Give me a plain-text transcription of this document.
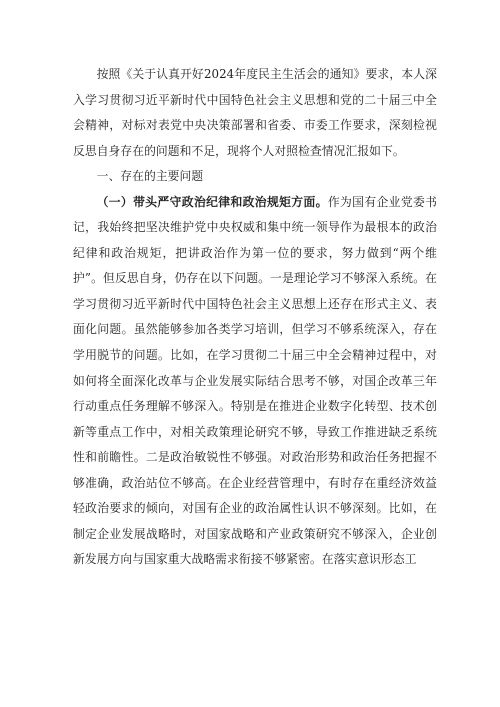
按照《关于认真开好2024年度民主生活会的通知》要求，本人深入学习贯彻习近平新时代中国特色社会主义思想和党的二十届三中全会精神，对标对表党中央决策部署和省委、市委工作要求，深刻检视反思自身存在的问题和不足，现将个人对照检查情况汇报如下。

一、存在的主要问题

（一）带头严守政治纪律和政治规矩方面。作为国有企业党委书记，我始终把坚决维护党中央权威和集中统一领导作为最根本的政治纪律和政治规矩，把讲政治作为第一位的要求，努力做到“两个维护”。但反思自身，仍存在以下问题。一是理论学习不够深入系统。在学习贯彻习近平新时代中国特色社会主义思想上还存在形式主义、表面化问题。虽然能够参加各类学习培训，但学习不够系统深入，存在学用脱节的问题。比如，在学习贯彻二十届三中全会精神过程中，对如何将全面深化改革与企业发展实际结合思考不够，对国企改革三年行动重点任务理解不够深入。特别是在推进企业数字化转型、技术创新等重点工作中，对相关政策理论研究不够，导致工作推进缺乏系统性和前瞻性。二是政治敏锐性不够强。对政治形势和政治任务把握不够准确，政治站位不够高。在企业经营管理中，有时存在重经济效益轻政治要求的倾向，对国有企业的政治属性认识不够深刻。比如，在制定企业发展战略时，对国家战略和产业政策研究不够深入，企业创新发展方向与国家重大战略需求衔接不够紧密。在落实意识形态工
